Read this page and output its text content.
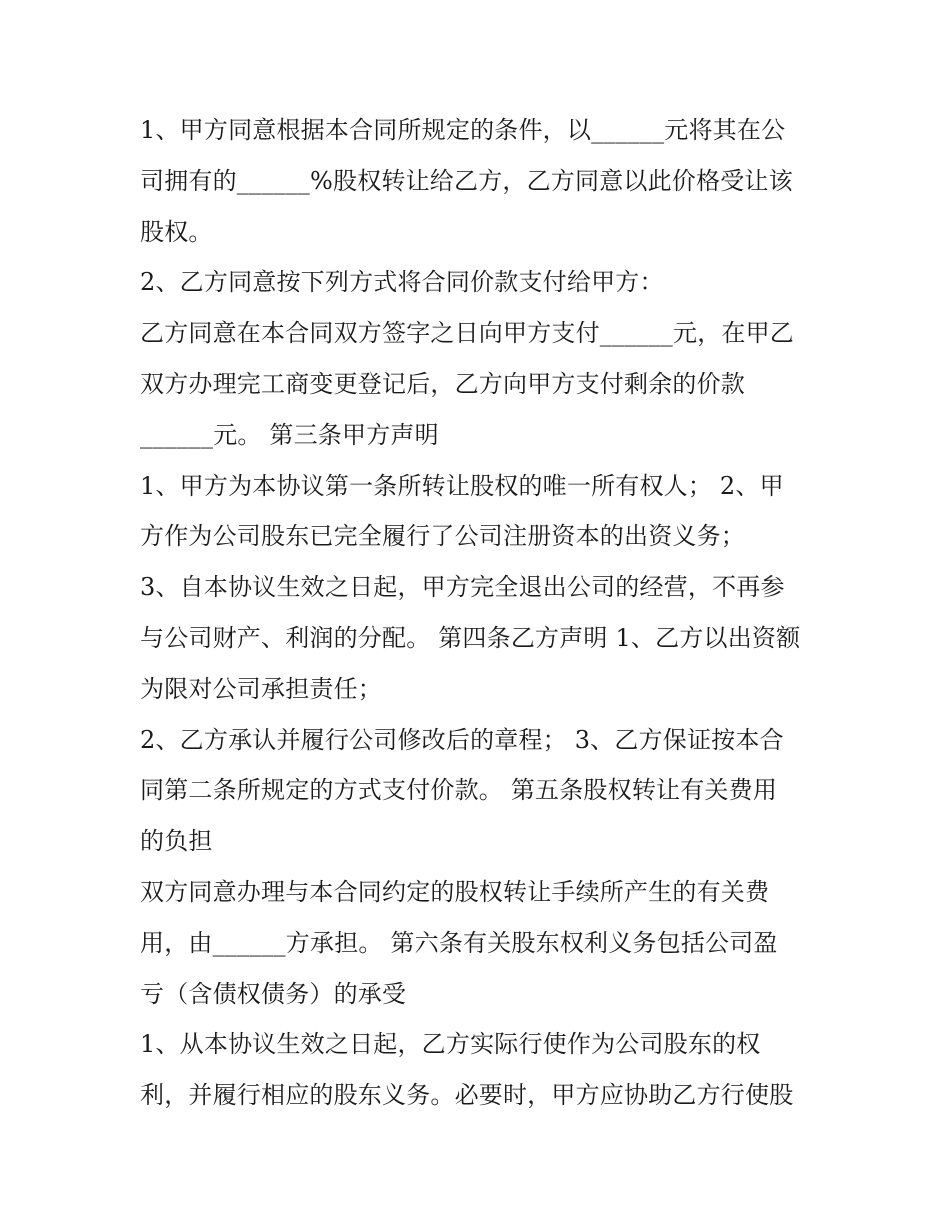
1、甲方同意根据本合同所规定的条件，以______元将其在公
司拥有的______%股权转让给乙方，乙方同意以此价格受让该
股权。
2、乙方同意按下列方式将合同价款支付给甲方：
乙方同意在本合同双方签字之日向甲方支付______元，在甲乙
双方办理完工商变更登记后，乙方向甲方支付剩余的价款
______元。 第三条甲方声明
1、甲方为本协议第一条所转让股权的唯一所有权人； 2、甲
方作为公司股东已完全履行了公司注册资本的出资义务；
3、自本协议生效之日起，甲方完全退出公司的经营，不再参
与公司财产、利润的分配。 第四条乙方声明 1、乙方以出资额
为限对公司承担责任；
2、乙方承认并履行公司修改后的章程； 3、乙方保证按本合
同第二条所规定的方式支付价款。 第五条股权转让有关费用
的负担
双方同意办理与本合同约定的股权转让手续所产生的有关费
用，由______方承担。 第六条有关股东权利义务包括公司盈
亏（含债权债务）的承受
1、从本协议生效之日起，乙方实际行使作为公司股东的权
利，并履行相应的股东义务。必要时，甲方应协助乙方行使股
